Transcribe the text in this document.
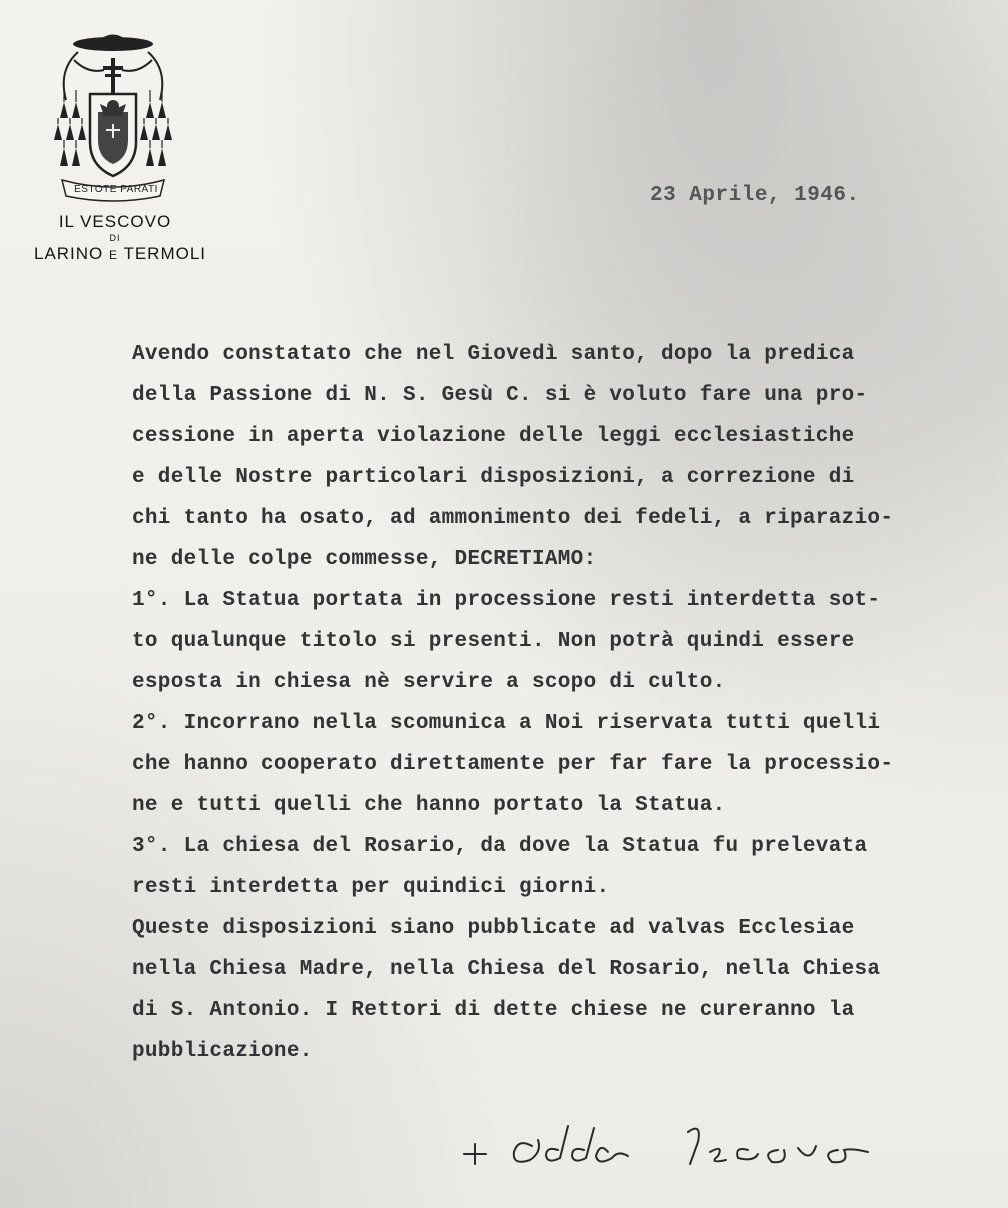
ESTOTE PARATI
IL VESCOVO
DI
LARINO E TERMOLI
23 Aprile, 1946.

Avendo constatato che nel Giovedì santo, dopo la predica

della Passione di N. S. Gesù C. si è voluto fare una pro-

cessione in aperta violazione delle leggi ecclesiastiche

e delle Nostre particolari disposizioni, a correzione di

chi tanto ha osato, ad ammonimento dei fedeli, a riparazio-

ne delle colpe commesse, DECRETIAMO:

1°. La Statua portata in processione resti interdetta sot-

to qualunque titolo si presenti. Non potrà quindi essere

esposta in chiesa nè servire a scopo di culto.

2°. Incorrano nella scomunica a Noi riservata tutti quelli

che hanno cooperato direttamente per far fare la processio-

ne e tutti quelli che hanno portato la Statua.

3°. La chiesa del Rosario, da dove la Statua fu prelevata

resti interdetta per quindici giorni.

Queste disposizioni siano pubblicate ad valvas Ecclesiae

nella Chiesa Madre, nella Chiesa del Rosario, nella Chiesa

di S. Antonio. I Rettori di dette chiese ne cureranno la

pubblicazione.
